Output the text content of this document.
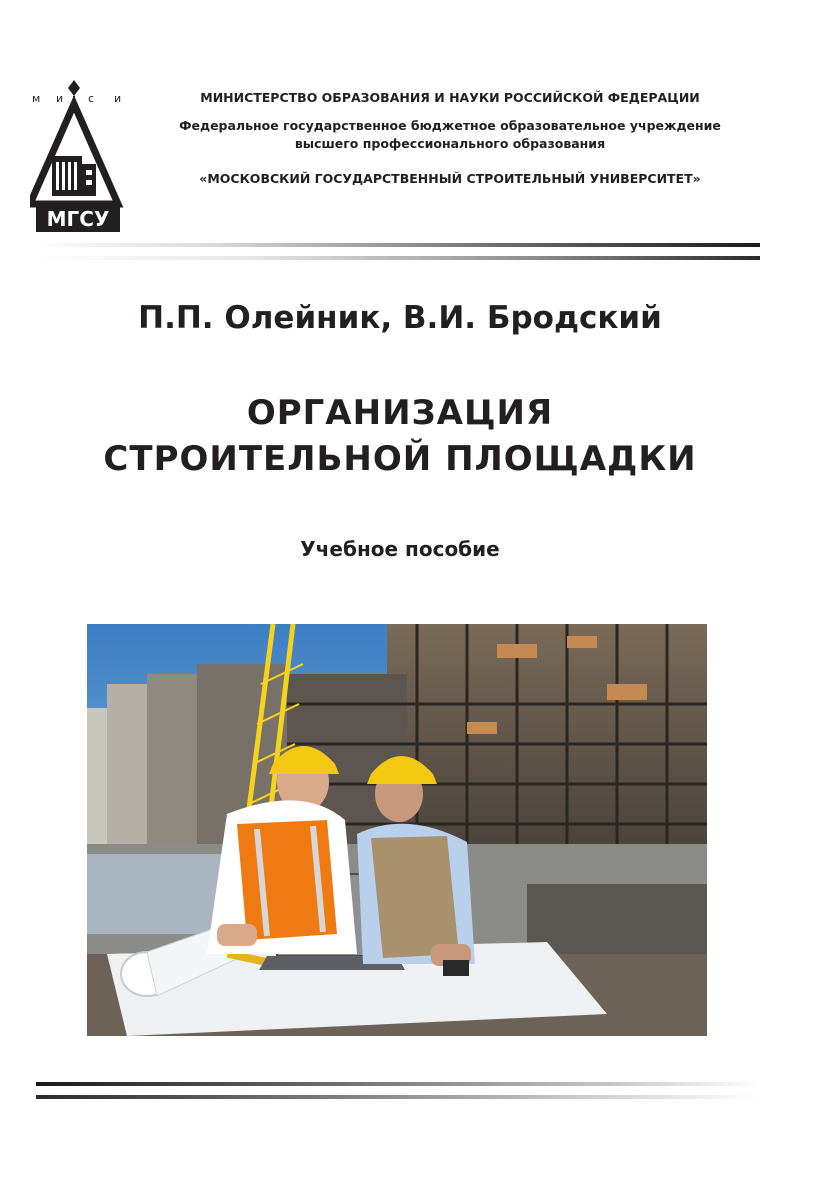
м и с и
МГСУ

МИНИСТЕРСТВО ОБРАЗОВАНИЯ И НАУКИ РОССИЙСКОЙ ФЕДЕРАЦИИ

Федеральное государственное бюджетное образовательное учреждение

высшего профессионального образования

«МОСКОВСКИЙ ГОСУДАРСТВЕННЫЙ СТРОИТЕЛЬНЫЙ УНИВЕРСИТЕТ»

П.П. Олейник, В.И. Бродский
ОРГАНИЗАЦИЯ
СТРОИТЕЛЬНОЙ ПЛОЩАДКИ
Учебное пособие
